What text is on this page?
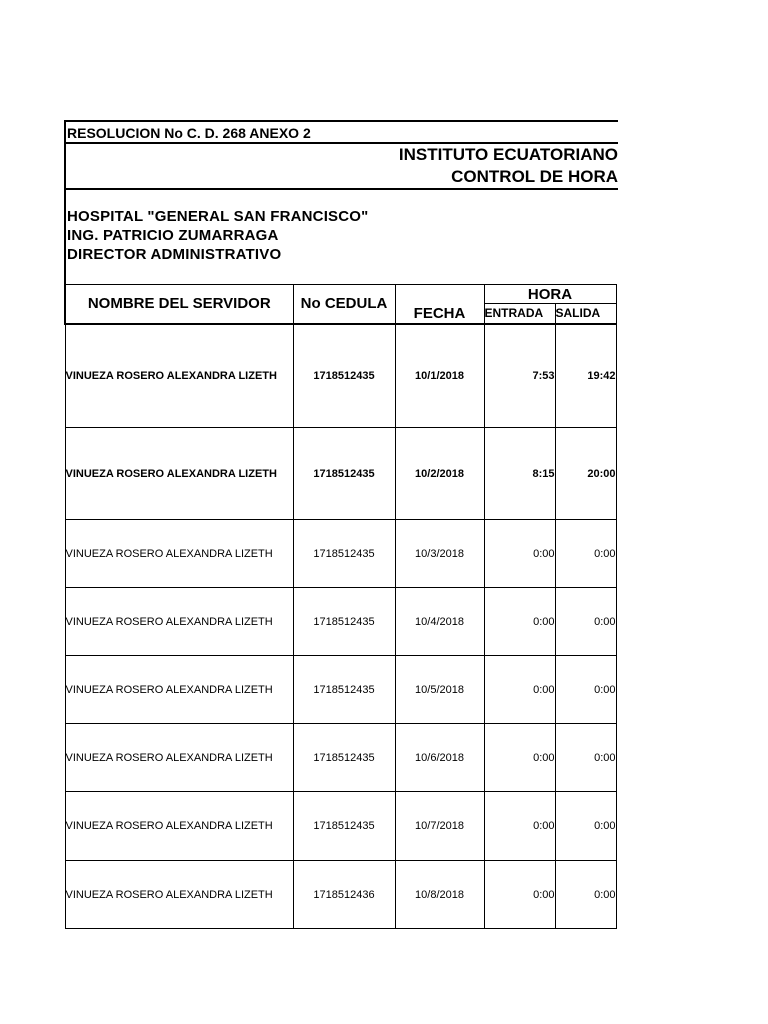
RESOLUCION No C. D. 268 ANEXO 2
INSTITUTO ECUATORIANO
CONTROL DE HORA
HOSPITAL "GENERAL SAN FRANCISCO"
ING. PATRICIO ZUMARRAGA
DIRECTOR ADMINISTRATIVO
NOMBRE DEL SERVIDOR	No CEDULA		HORA	
		FECHA	ENTRADA	SALIDA
VINUEZA ROSERO ALEXANDRA LIZETH	1718512435	10/1/2018	7:53	19:42
VINUEZA ROSERO ALEXANDRA LIZETH	1718512435	10/2/2018	8:15	20:00
VINUEZA ROSERO ALEXANDRA LIZETH	1718512435	10/3/2018	0:00	0:00
VINUEZA ROSERO ALEXANDRA LIZETH	1718512435	10/4/2018	0:00	0:00
VINUEZA ROSERO ALEXANDRA LIZETH	1718512435	10/5/2018	0:00	0:00
VINUEZA ROSERO ALEXANDRA LIZETH	1718512435	10/6/2018	0:00	0:00
VINUEZA ROSERO ALEXANDRA LIZETH	1718512435	10/7/2018	0:00	0:00
VINUEZA ROSERO ALEXANDRA LIZETH	1718512436	10/8/2018	0:00	0:00
